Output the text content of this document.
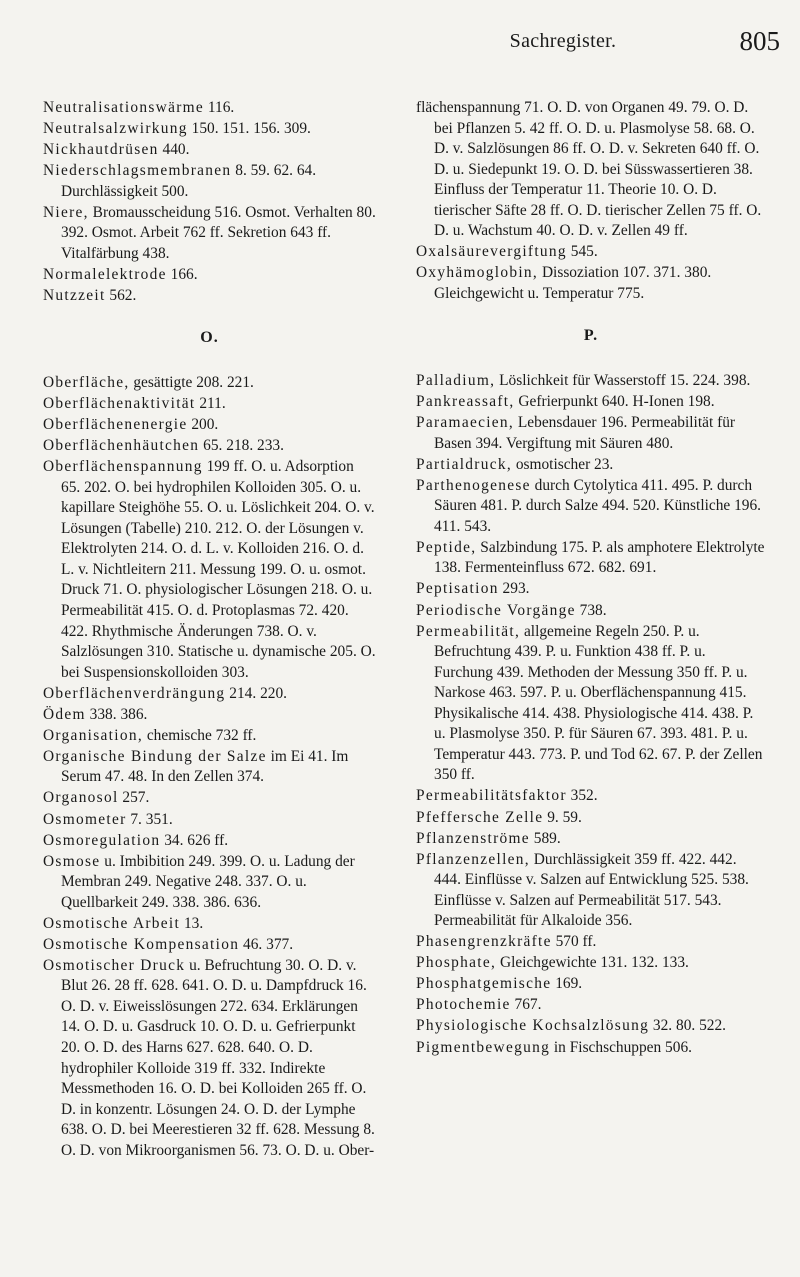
Sachregister.	805
Neutralisationswärme 116.
Neutralsalzwirkung 150. 151. 156. 309.
Nickhautdrüsen 440.
Niederschlagsmembranen 8. 59. 62. 64. Durchlässigkeit 500.
Niere, Bromausscheidung 516. Osmot. Verhalten 80. 392. Osmot. Arbeit 762 ff. Sekretion 643 ff. Vitalfärbung 438.
Normalelektrode 166.
Nutzzeit 562.
O.
Oberfläche, gesättigte 208. 221.
Oberflächenaktivität 211.
Oberflächenenergie 200.
Oberflächenhäutchen 65. 218. 233.
Oberflächenspannung 199 ff. O. u. Adsorption 65. 202. O. bei hydrophilen Kolloiden 305. O. u. kapillare Steighöhe 55. O. u. Löslichkeit 204. O. v. Lösungen (Tabelle) 210. 212. O. der Lösungen v. Elektrolyten 214. O. d. L. v. Kolloiden 216. O. d. L. v. Nichtleitern 211. Messung 199. O. u. osmot. Druck 71. O. physiologischer Lösungen 218. O. u. Permeabilität 415. O. d. Protoplasmas 72. 420. 422. Rhythmische Änderungen 738. O. v. Salzlösungen 310. Statische u. dynamische 205. O. bei Suspensionskolloiden 303.
Oberflächenverdrängung 214. 220.
Ödem 338. 386.
Organisation, chemische 732 ff.
Organische Bindung der Salze im Ei 41. Im Serum 47. 48. In den Zellen 374.
Organosol 257.
Osmometer 7. 351.
Osmoregulation 34. 626 ff.
Osmose u. Imbibition 249. 399. O. u. Ladung der Membran 249. Negative 248. 337. O. u. Quellbarkeit 249. 338. 386. 636.
Osmotische Arbeit 13.
Osmotische Kompensation 46. 377.
Osmotischer Druck u. Befruchtung 30. O. D. v. Blut 26. 28 ff. 628. 641. O. D. u. Dampfdruck 16. O. D. v. Eiweisslösungen 272. 634. Erklärungen 14. O. D. u. Gasdruck 10. O. D. u. Gefrierpunkt 20. O. D. des Harns 627. 628. 640. O. D. hydrophiler Kolloide 319 ff. 332. Indirekte Messmethoden 16. O. D. bei Kolloiden 265 ff. O. D. in konzentr. Lösungen 24. O. D. der Lymphe 638. O. D. bei Meerestieren 32 ff. 628. Messung 8. O. D. von Mikroorganismen 56. 73. O. D. u. Ober-
flächenspannung 71. O. D. von Organen 49. 79. O. D. bei Pflanzen 5. 42 ff. O. D. u. Plasmolyse 58. 68. O. D. v. Salzlösungen 86 ff. O. D. v. Sekreten 640 ff. O. D. u. Siedepunkt 19. O. D. bei Süsswassertieren 38. Einfluss der Temperatur 11. Theorie 10. O. D. tierischer Säfte 28 ff. O. D. tierischer Zellen 75 ff. O. D. u. Wachstum 40. O. D. v. Zellen 49 ff.
Oxalsäurevergiftung 545.
Oxyhämoglobin, Dissoziation 107. 371. 380. Gleichgewicht u. Temperatur 775.
P.
Palladium, Löslichkeit für Wasserstoff 15. 224. 398.
Pankreassaft, Gefrierpunkt 640. H-Ionen 198.
Paramaecien, Lebensdauer 196. Permeabilität für Basen 394. Vergiftung mit Säuren 480.
Partialdruck, osmotischer 23.
Parthenogenese durch Cytolytica 411. 495. P. durch Säuren 481. P. durch Salze 494. 520. Künstliche 196. 411. 543.
Peptide, Salzbindung 175. P. als amphotere Elektrolyte 138. Fermenteinfluss 672. 682. 691.
Peptisation 293.
Periodische Vorgänge 738.
Permeabilität, allgemeine Regeln 250. P. u. Befruchtung 439. P. u. Funktion 438 ff. P. u. Furchung 439. Methoden der Messung 350 ff. P. u. Narkose 463. 597. P. u. Oberflächenspannung 415. Physikalische 414. 438. Physiologische 414. 438. P. u. Plasmolyse 350. P. für Säuren 67. 393. 481. P. u. Temperatur 443. 773. P. und Tod 62. 67. P. der Zellen 350 ff.
Permeabilitätsfaktor 352.
Pfeffersche Zelle 9. 59.
Pflanzenströme 589.
Pflanzenzellen, Durchlässigkeit 359 ff. 422. 442. 444. Einflüsse v. Salzen auf Entwicklung 525. 538. Einflüsse v. Salzen auf Permeabilität 517. 543. Permeabilität für Alkaloide 356.
Phasengrenzkräfte 570 ff.
Phosphate, Gleichgewichte 131. 132. 133.
Phosphatgemische 169.
Photochemie 767.
Physiologische Kochsalzlösung 32. 80. 522.
Pigmentbewegung in Fischschuppen 506.
